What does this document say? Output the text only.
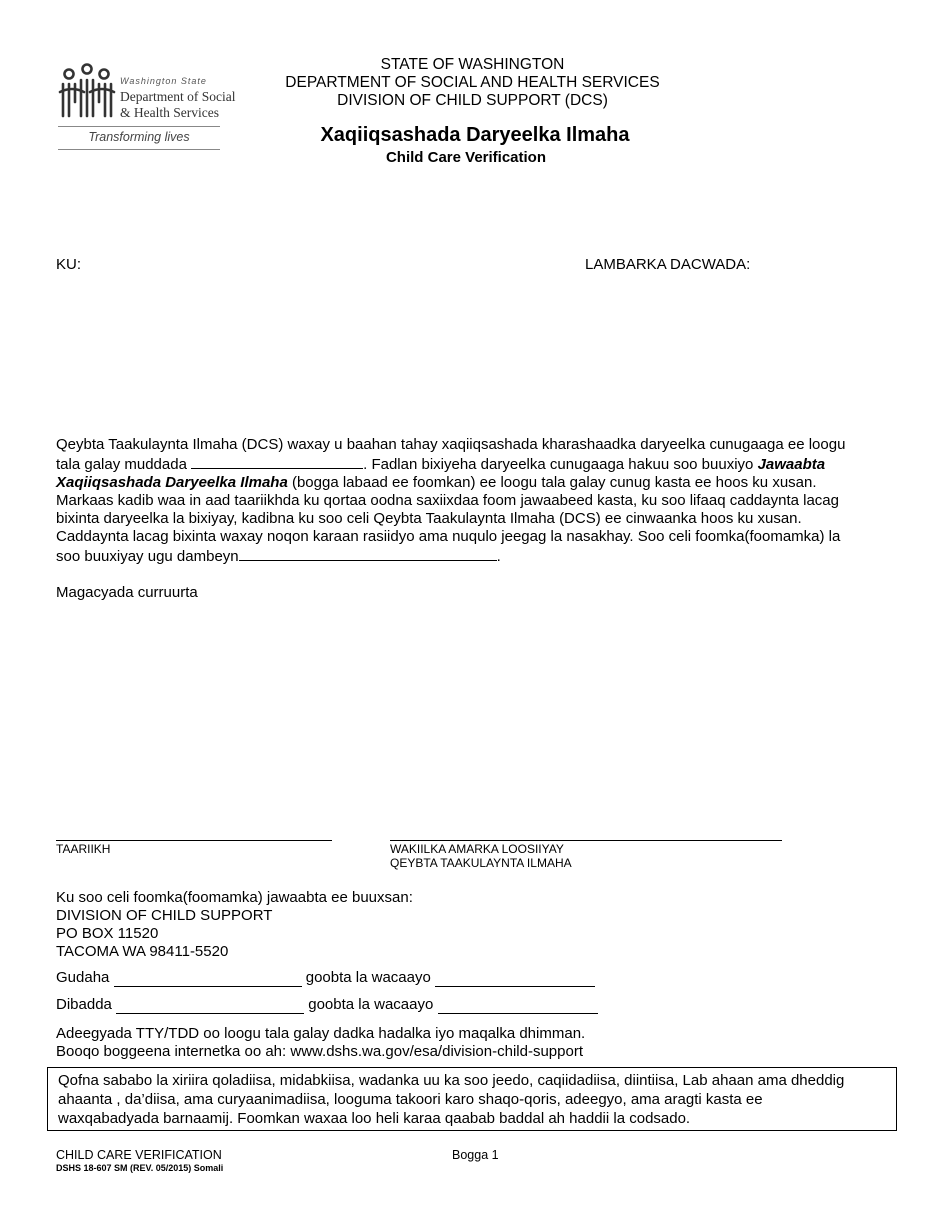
Washington State
Department of Social
& Health Services
Transforming lives
STATE OF WASHINGTON
DEPARTMENT OF SOCIAL AND HEALTH SERVICES
DIVISION OF CHILD SUPPORT (DCS)
Xaqiiqsashada Daryeelka Ilmaha
Child Care Verification
KU:	LAMBARKA DACWADA:

Qeybta Taakulaynta Ilmaha (DCS) waxay u baahan tahay xaqiiqsashada kharashaadka daryeelka cunugaaga ee loogu

tala galay muddada	. Fadlan bixiyeha daryeelka cunugaaga hakuu soo buuxiyo Jawaabta

Xaqiiqsashada Daryeelka Ilmaha (bogga labaad ee foomkan) ee loogu tala galay cunug kasta ee hoos ku xusan.

Markaas kadib waa in aad taariikhda ku qortaa oodna saxiixdaa foom jawaabeed kasta, ku soo lifaaq caddaynta lacag

bixinta daryeelka la bixiyay, kadibna ku soo celi Qeybta Taakulaynta Ilmaha (DCS) ee cinwaanka hoos ku xusan.

Caddaynta lacag bixinta waxay noqon karaan rasiidyo ama nuqulo jeegag la nasakhay. Soo celi foomka(foomamka) la

soo buuxiyay ugu dambeyn	.

Magacyada curruurta
TAARIIKH	WAKIILKA AMARKA LOOSIIYAY
QEYBTA TAAKULAYNTA ILMAHA
Ku soo celi foomka(foomamka) jawaabta ee buuxsan:
DIVISION OF CHILD SUPPORT
PO BOX 11520
TACOMA WA 98411-5520
Gudaha	goobta la wacaayo
Dibadda	goobta la wacaayo
Adeegyada TTY/TDD oo loogu tala galay dadka hadalka iyo maqalka dhimman.
Booqo boggeena internetka oo ah: www.dshs.wa.gov/esa/division-child-support

Qofna sababo la xiriira qoladiisa, midabkiisa, wadanka uu ka soo jeedo, caqiidadiisa, diintiisa, Lab ahaan ama dheddig

ahaanta , da’diisa, ama curyaanimadiisa, looguma takoori karo shaqo-qoris, adeegyo, ama aragti kasta ee

waxqabadyada barnaamij. Foomkan waxaa loo heli karaa qaabab baddal ah haddii la codsado.

CHILD CARE VERIFICATION
DSHS 18-607 SM (REV. 05/2015) Somali
Bogga 1
